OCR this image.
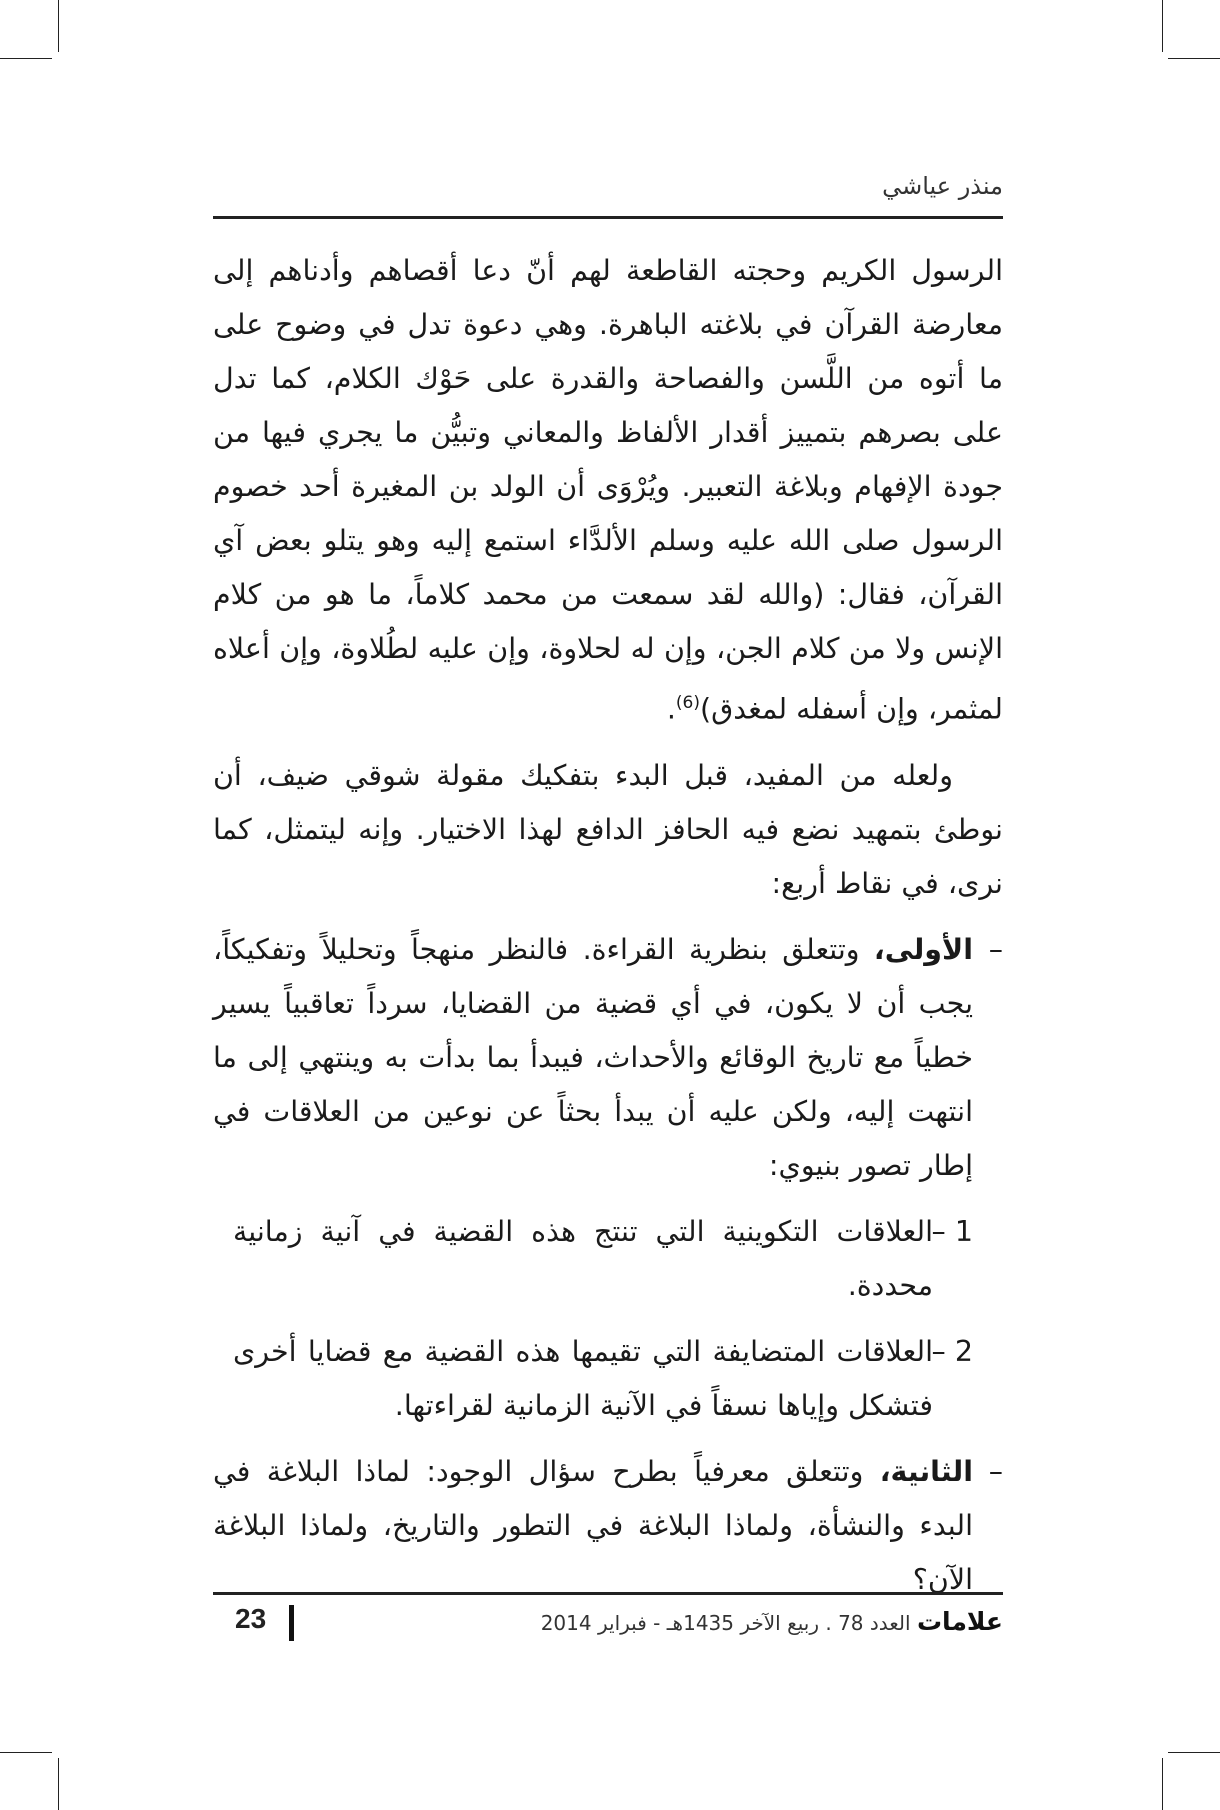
منذر عياشي

الرسول الكريم وحجته القاطعة لهم أنّ دعا أقصاهم وأدناهم إلى معارضة القرآن في بلاغته الباهرة. وهي دعوة تدل في وضوح على ما أتوه من اللَّسن والفصاحة والقدرة على حَوْك الكلام، كما تدل على بصرهم بتمييز أقدار الألفاظ والمعاني وتبيُّن ما يجري فيها من جودة الإفهام وبلاغة التعبير. ويُرْوَى أن الولد بن المغيرة أحد خصوم الرسول صلى الله عليه وسلم الألدَّاء استمع إليه وهو يتلو بعض آي القرآن، فقال: (والله لقد سمعت من محمد كلاماً، ما هو من كلام الإنس ولا من كلام الجن، وإن له لحلاوة، وإن عليه لطُلاوة، وإن أعلاه لمثمر، وإن أسفله لمغدق)$^{(6)}$.

ولعله من المفيد، قبل البدء بتفكيك مقولة شوقي ضيف، أن نوطئ بتمهيد نضع فيه الحافز الدافع لهذا الاختيار. وإنه ليتمثل، كما نرى، في نقاط أربع:

–
الأولى، وتتعلق بنظرية القراءة. فالنظر منهجاً وتحليلاً وتفكيكاً، يجب أن لا يكون، في أي قضية من القضايا، سرداً تعاقبياً يسير خطياً مع تاريخ الوقائع والأحداث، فيبدأ بما بدأت به وينتهي إلى ما انتهت إليه، ولكن عليه أن يبدأ بحثاً عن نوعين من العلاقات في إطار تصور بنيوي:
1 –
العلاقات التكوينية التي تنتج هذه القضية في آنية زمانية محددة.
2 –
العلاقات المتضايفة التي تقيمها هذه القضية مع قضايا أخرى فتشكل وإياها نسقاً في الآنية الزمانية لقراءتها.
–
الثانية، وتتعلق معرفياً بطرح سؤال الوجود: لماذا البلاغة في البدء والنشأة، ولماذا البلاغة في التطور والتاريخ، ولماذا البلاغة الآن؟
علامات العدد 78 . ربيع الآخر 1435هـ - فبراير 2014
23
